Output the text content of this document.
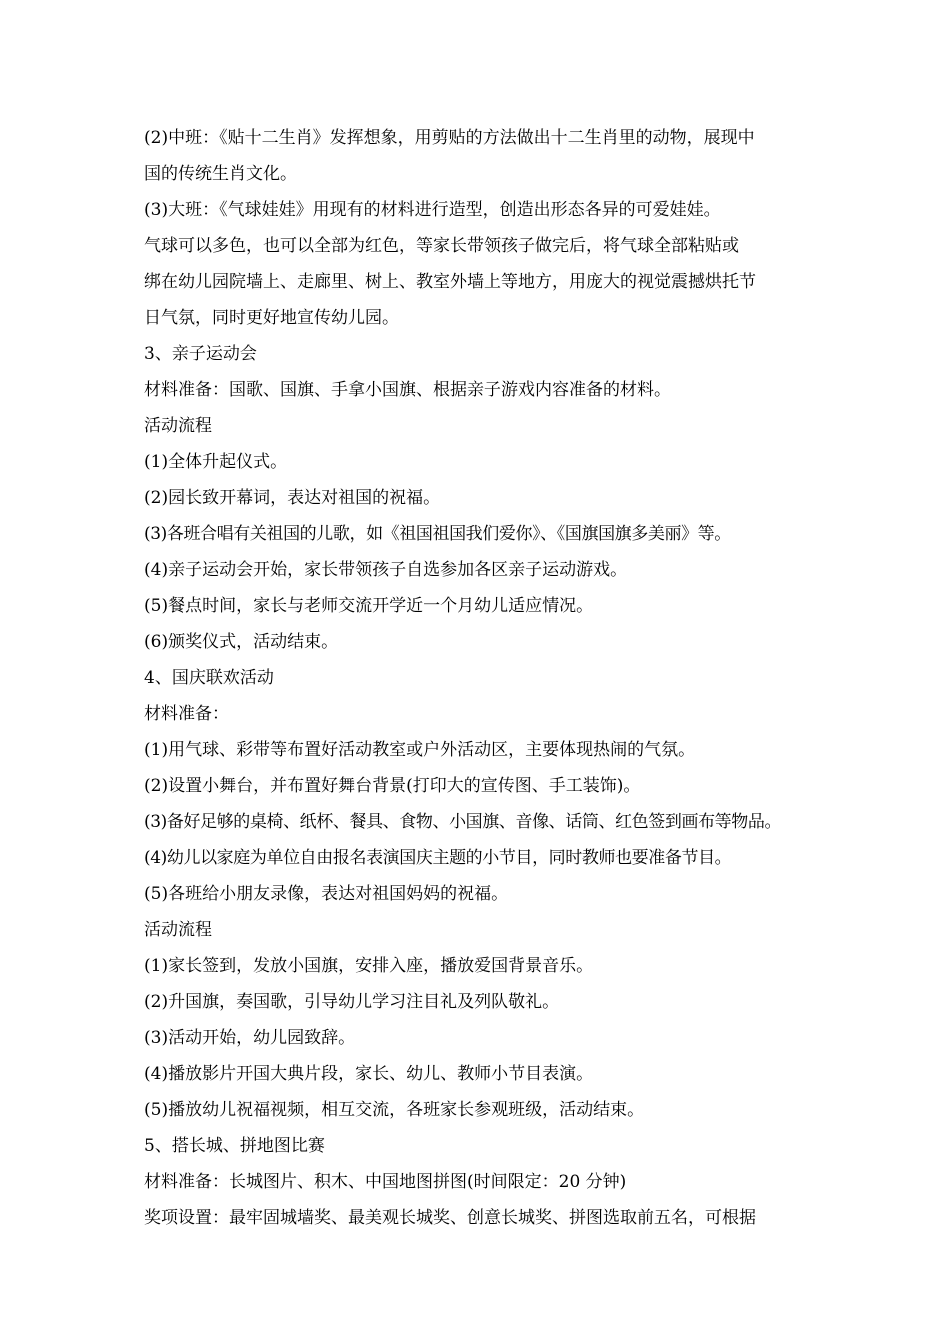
(2)中班：《贴十二生肖》发挥想象，用剪贴的方法做出十二生肖里的动物，展现中
国的传统生肖文化。
(3)大班：《气球娃娃》用现有的材料进行造型，创造出形态各异的可爱娃娃。
气球可以多色，也可以全部为红色，等家长带领孩子做完后，将气球全部粘贴或
绑在幼儿园院墙上、走廊里、树上、教室外墙上等地方，用庞大的视觉震撼烘托节
日气氛，同时更好地宣传幼儿园。
3、亲子运动会
材料准备：国歌、国旗、手拿小国旗、根据亲子游戏内容准备的材料。
活动流程
(1)全体升起仪式。
(2)园长致开幕词，表达对祖国的祝福。
(3)各班合唱有关祖国的儿歌，如《祖国祖国我们爱你》、《国旗国旗多美丽》等。
(4)亲子运动会开始，家长带领孩子自选参加各区亲子运动游戏。
(5)餐点时间，家长与老师交流开学近一个月幼儿适应情况。
(6)颁奖仪式，活动结束。
4、国庆联欢活动
材料准备：
(1)用气球、彩带等布置好活动教室或户外活动区，主要体现热闹的气氛。
(2)设置小舞台，并布置好舞台背景(打印大的宣传图、手工装饰)。
(3)备好足够的桌椅、纸杯、餐具、食物、小国旗、音像、话筒、红色签到画布等物品。
(4)幼儿以家庭为单位自由报名表演国庆主题的小节目，同时教师也要准备节目。
(5)各班给小朋友录像，表达对祖国妈妈的祝福。
活动流程
(1)家长签到，发放小国旗，安排入座，播放爱国背景音乐。
(2)升国旗，奏国歌，引导幼儿学习注目礼及列队敬礼。
(3)活动开始，幼儿园致辞。
(4)播放影片开国大典片段，家长、幼儿、教师小节目表演。
(5)播放幼儿祝福视频，相互交流，各班家长参观班级，活动结束。
5、搭长城、拼地图比赛
材料准备：长城图片、积木、中国地图拼图(时间限定：20 分钟)
奖项设置：最牢固城墙奖、最美观长城奖、创意长城奖、拼图选取前五名，可根据
